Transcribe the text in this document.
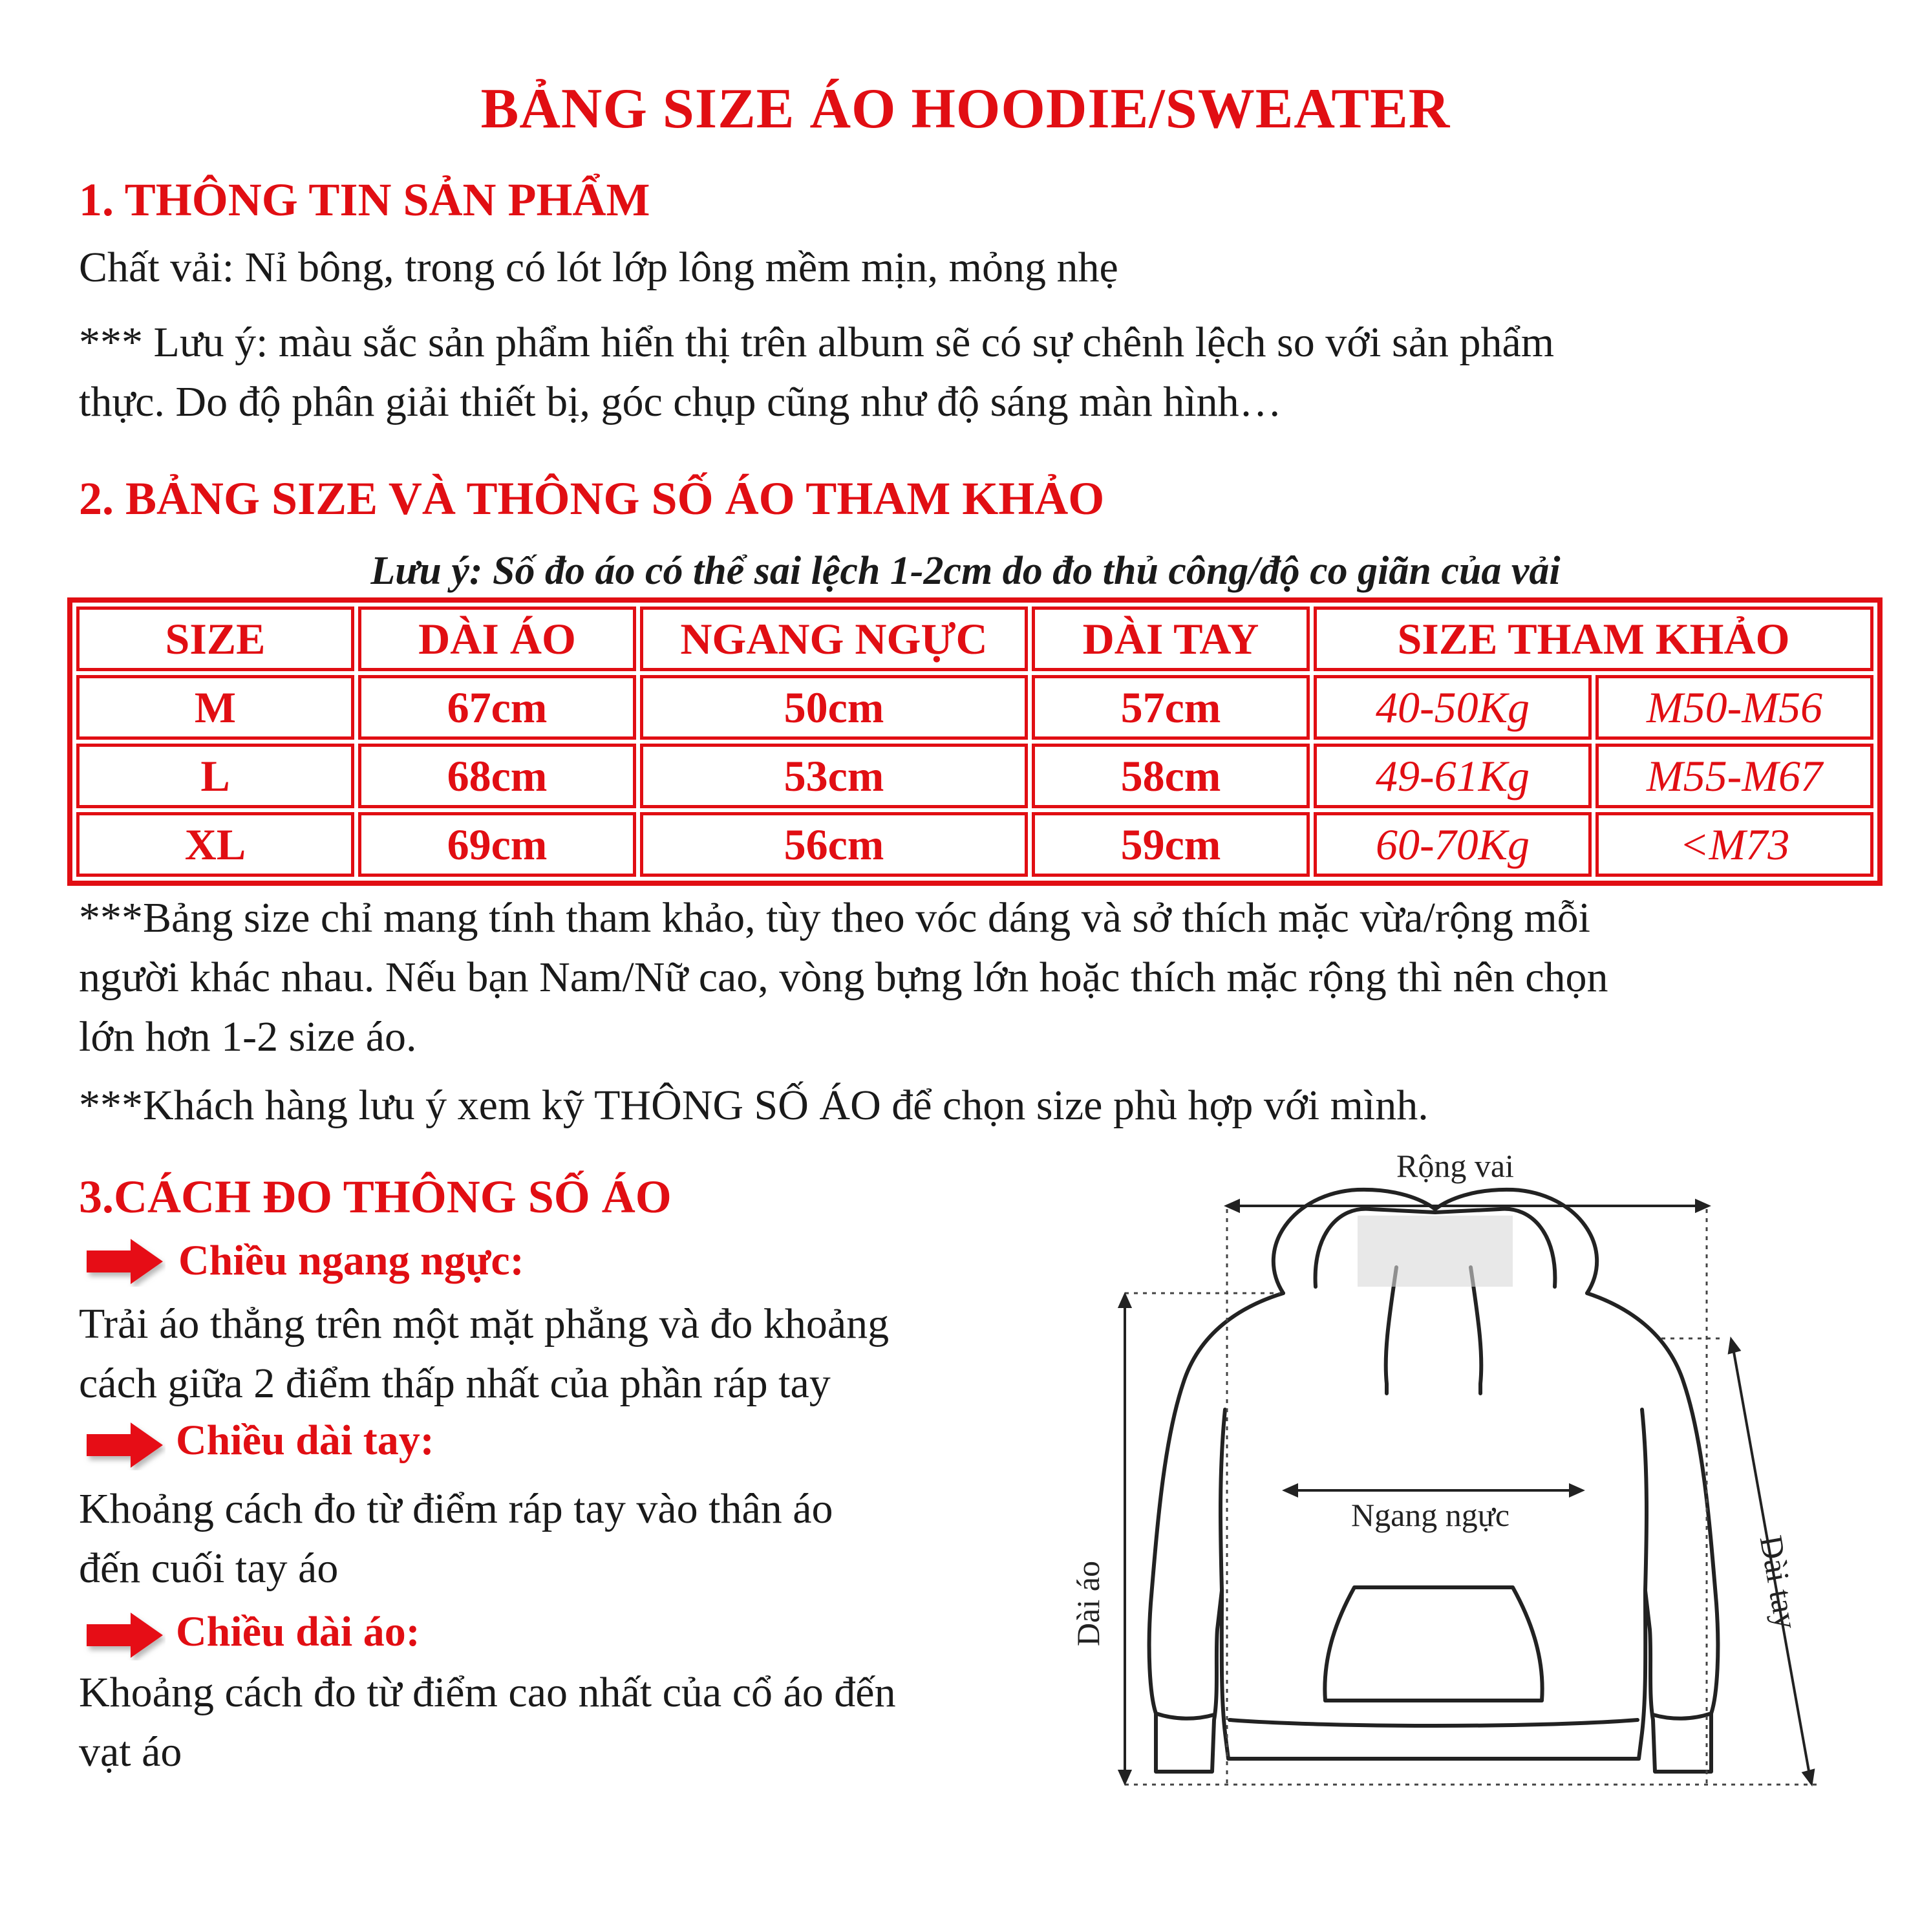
BẢNG SIZE ÁO HOODIE/SWEATER
1. THÔNG TIN SẢN PHẨM
Chất vải: Nỉ bông, trong có lót lớp lông mềm mịn, mỏng nhẹ
*** Lưu ý: màu sắc sản phẩm hiển thị trên album sẽ có sự chênh lệch so với sản phẩm
thực. Do độ phân giải thiết bị, góc chụp cũng như độ sáng màn hình…
2. BẢNG SIZE VÀ THÔNG SỐ ÁO THAM KHẢO
Lưu ý: Số đo áo có thể sai lệch 1-2cm do đo thủ công/độ co giãn của vải
SIZE	DÀI ÁO	NGANG NGỰC	DÀI TAY	SIZE THAM KHẢO	
M	67cm	50cm	57cm	40-50Kg	M50-M56
L	68cm	53cm	58cm	49-61Kg	M55-M67
XL	69cm	56cm	59cm	60-70Kg	<M73
***Bảng size chỉ mang tính tham khảo, tùy theo vóc dáng và sở thích mặc vừa/rộng mỗi
người khác nhau. Nếu bạn Nam/Nữ cao, vòng bựng lớn hoặc thích mặc rộng thì nên chọn
lớn hơn 1-2 size áo.
***Khách hàng lưu ý xem kỹ THÔNG SỐ ÁO để chọn size phù hợp với mình.
3.CÁCH ĐO THÔNG SỐ ÁO
Chiều ngang ngực:
Trải áo thẳng trên một mặt phẳng và đo khoảng
cách giữa 2 điểm thấp nhất của phần ráp tay
Chiều dài tay:
Khoảng cách đo từ điểm ráp tay vào thân áo
đến cuối tay áo
Chiều dài áo:
Khoảng cách đo từ điểm cao nhất của cổ áo đến
vạt áo
Rộng vai
Ngang ngực
Dài áo	Dài tay
